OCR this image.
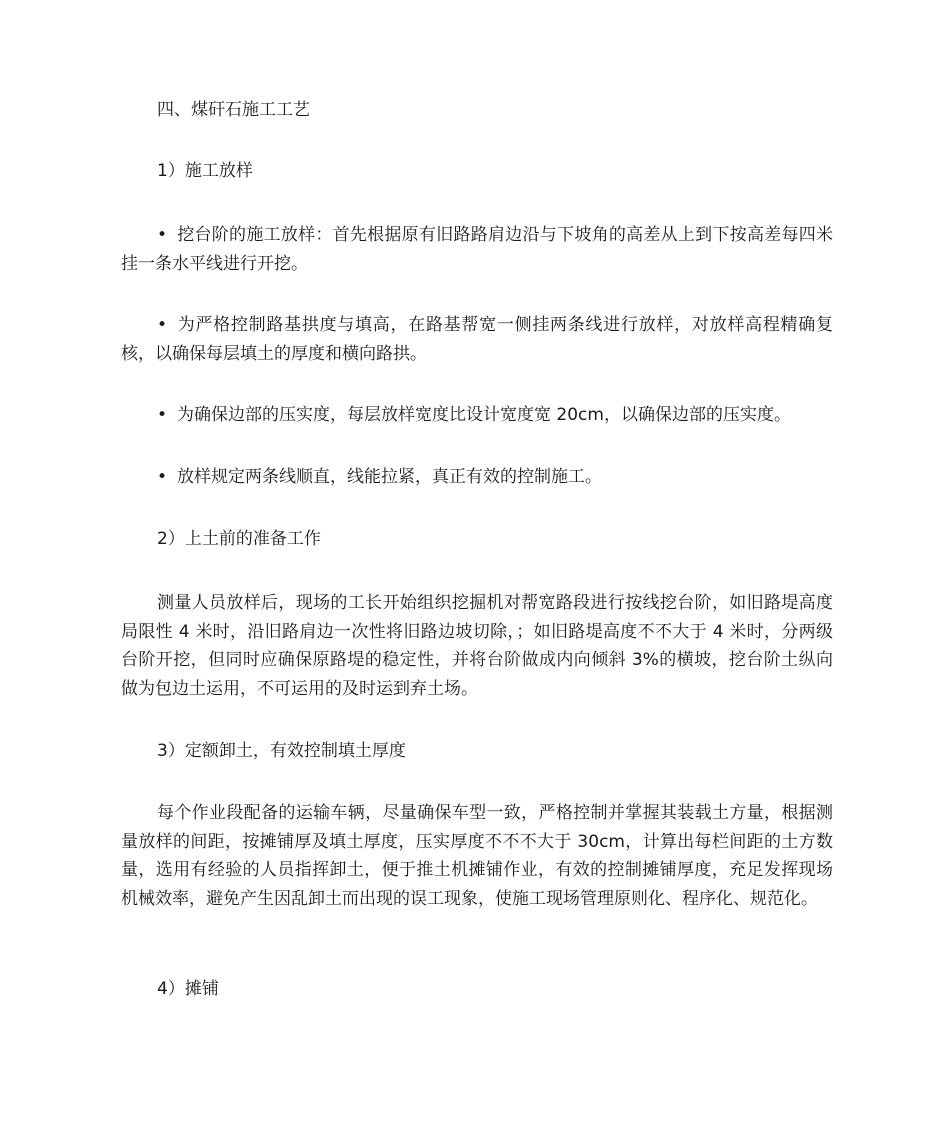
四、煤矸石施工工艺

1）施工放样

• 挖台阶的施工放样：首先根据原有旧路路肩边沿与下坡角的高差从上到下按高差每四米挂一条水平线进行开挖。

• 为严格控制路基拱度与填高，在路基帮宽一侧挂两条线进行放样，对放样高程精确复核，以确保每层填土的厚度和横向路拱。

• 为确保边部的压实度，每层放样宽度比设计宽度宽 20cm，以确保边部的压实度。

• 放样规定两条线顺直，线能拉紧，真正有效的控制施工。

2）上土前的准备工作

测量人员放样后，现场的工长开始组织挖掘机对帮宽路段进行按线挖台阶，如旧路堤高度局限性 4 米时，沿旧路肩边一次性将旧路边坡切除，；如旧路堤高度不不大于 4 米时，分两级台阶开挖，但同时应确保原路堤的稳定性，并将台阶做成内向倾斜 3%的横坡，挖台阶土纵向做为包边土运用，不可运用的及时运到弃土场。

3）定额卸土，有效控制填土厚度

每个作业段配备的运输车辆，尽量确保车型一致，严格控制并掌握其装载土方量，根据测量放样的间距，按摊铺厚及填土厚度，压实厚度不不不大于 30cm，计算出每栏间距的土方数量，选用有经验的人员指挥卸土，便于推土机摊铺作业，有效的控制摊铺厚度，充足发挥现场机械效率，避免产生因乱卸土而出现的误工现象，使施工现场管理原则化、程序化、规范化。

4）摊铺
